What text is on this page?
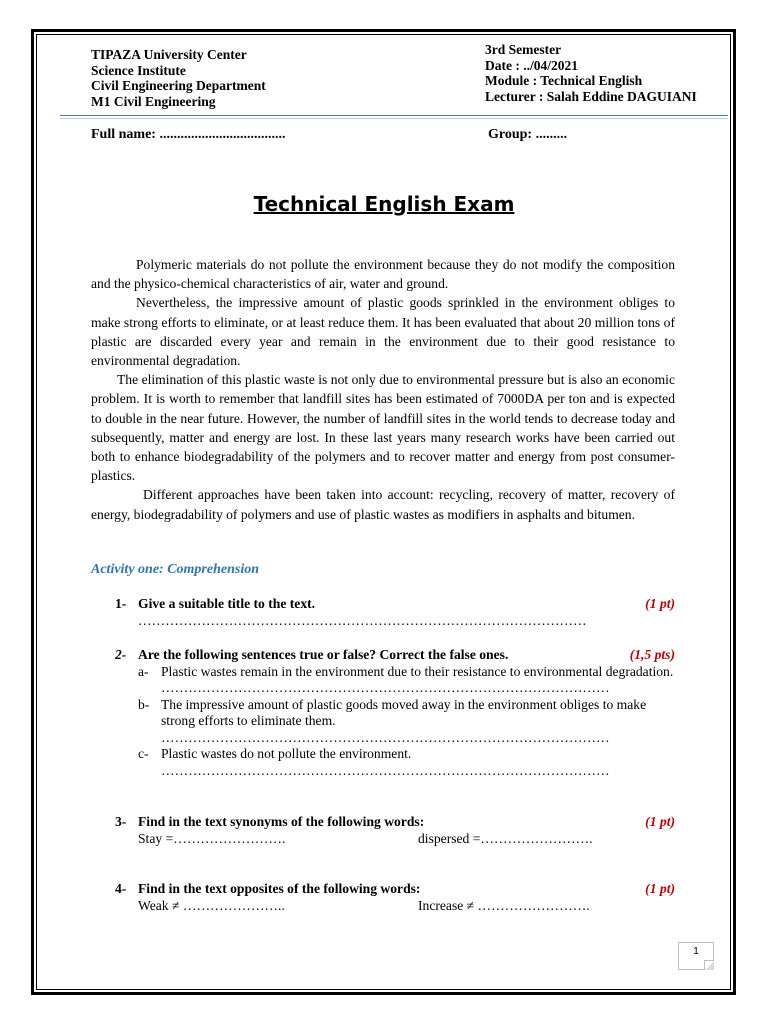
TIPAZA University Center
Science Institute
Civil Engineering Department
M1 Civil Engineering
3rd Semester
Date : ../04/2021
Module : Technical English
Lecturer : Salah Eddine DAGUIANI
Full name: ....................................	Group: .........
Technical English Exam

Polymeric materials do not pollute the environment because they do not modify the composition and the physico-chemical characteristics of air, water and ground.

Nevertheless, the impressive amount of plastic goods sprinkled in the environment obliges to make strong efforts to eliminate, or at least reduce them. It has been evaluated that about 20 million tons of plastic are discarded every year and remain in the environment due to their good resistance to environmental degradation.

The elimination of this plastic waste is not only due to environmental pressure but is also an economic problem. It is worth to remember that landfill sites has been estimated of 7000DA per ton and is expected to double in the near future. However, the number of landfill sites in the world tends to decrease today and subsequently, matter and energy are lost. In these last years many research works have been carried out both to enhance biodegradability of the polymers and to recover matter and energy from post consumer- plastics.

Different approaches have been taken into account: recycling, recovery of matter, recovery of energy, biodegradability of polymers and use of plastic wastes as modifiers in asphalts and bitumen.

Activity one: Comprehension
1- Give a suitable title to the text.	(1 pt)
………………………………………………………………………………………
2- Are the following sentences true or false? Correct the false ones.	(1,5 pts)
a- Plastic wastes remain in the environment due to their resistance to environmental degradation.
………………………………………………………………………………………
b- The impressive amount of plastic goods moved away in the environment obliges to make strong efforts to eliminate them.
………………………………………………………………………………………
c- Plastic wastes do not pollute the environment.
………………………………………………………………………………………
3- Find in the text synonyms of the following words:	(1 pt)
Stay =…………………….	dispersed =…………………….
4- Find in the text opposites of the following words:	(1 pt)
Weak ≠ …………………..	Increase ≠ …………………….
1
